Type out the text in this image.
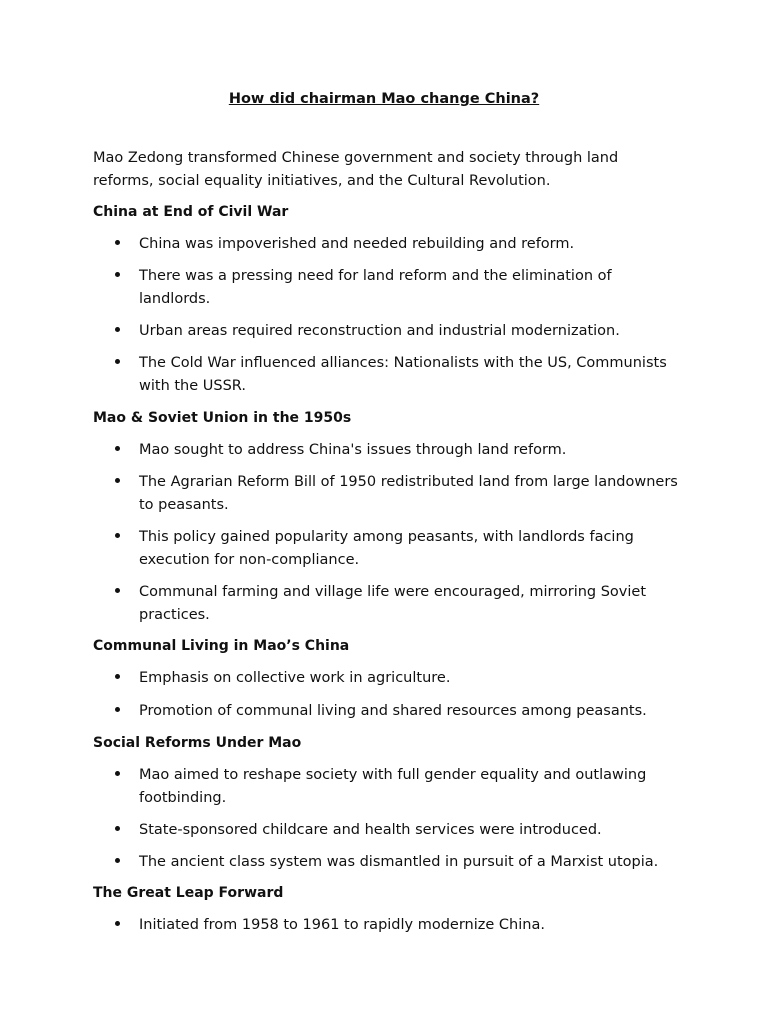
How did chairman Mao change China?

Mao Zedong transformed Chinese government and society through land reforms, social equality initiatives, and the Cultural Revolution.

China at End of Civil War
China was impoverished and needed rebuilding and reform.
There was a pressing need for land reform and the elimination of landlords.
Urban areas required reconstruction and industrial modernization.
The Cold War influenced alliances: Nationalists with the US, Communists with the USSR.
Mao & Soviet Union in the 1950s
Mao sought to address China's issues through land reform.
The Agrarian Reform Bill of 1950 redistributed land from large landowners to peasants.
This policy gained popularity among peasants, with landlords facing execution for non-compliance.
Communal farming and village life were encouraged, mirroring Soviet practices.
Communal Living in Mao’s China
Emphasis on collective work in agriculture.
Promotion of communal living and shared resources among peasants.
Social Reforms Under Mao
Mao aimed to reshape society with full gender equality and outlawing footbinding.
State-sponsored childcare and health services were introduced.
The ancient class system was dismantled in pursuit of a Marxist utopia.
The Great Leap Forward
Initiated from 1958 to 1961 to rapidly modernize China.
